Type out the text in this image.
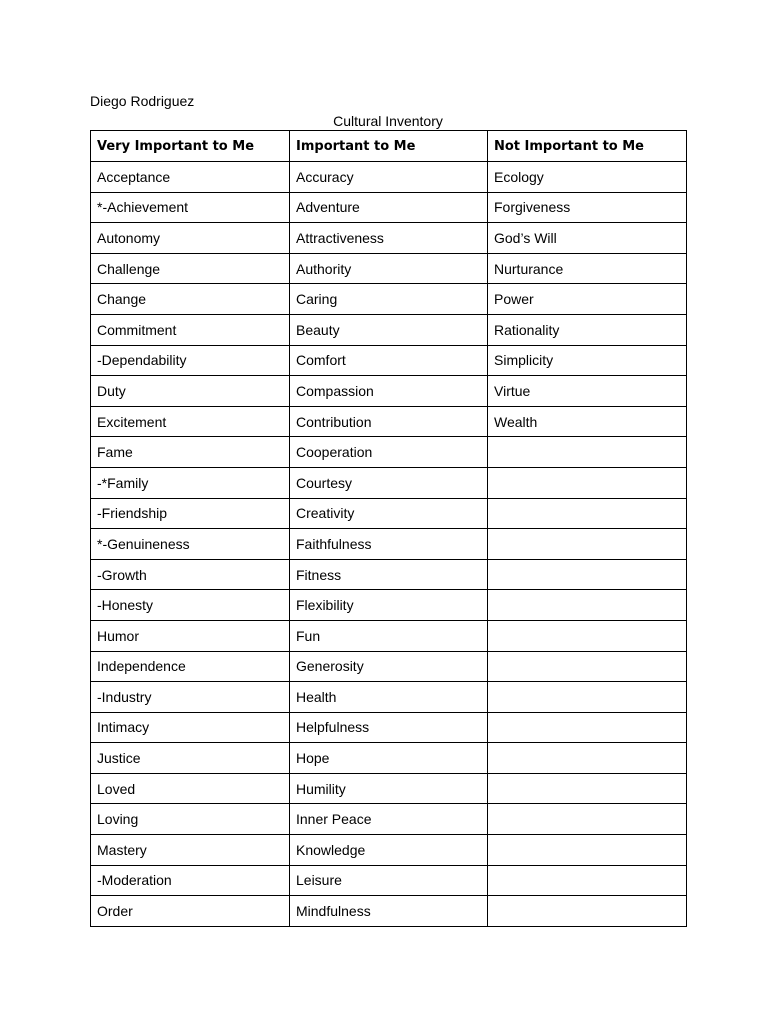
Diego Rodriguez
Cultural Inventory
Very Important to Me	Important to Me	Not Important to Me
Acceptance	Accuracy	Ecology
*-Achievement	Adventure	Forgiveness
Autonomy	Attractiveness	God’s Will
Challenge	Authority	Nurturance
Change	Caring	Power
Commitment	Beauty	Rationality
-Dependability	Comfort	Simplicity
Duty	Compassion	Virtue
Excitement	Contribution	Wealth
Fame	Cooperation	
-*Family	Courtesy	
-Friendship	Creativity	
*-Genuineness	Faithfulness	
-Growth	Fitness	
-Honesty	Flexibility	
Humor	Fun	
Independence	Generosity	
-Industry	Health	
Intimacy	Helpfulness	
Justice	Hope	
Loved	Humility	
Loving	Inner Peace	
Mastery	Knowledge	
-Moderation	Leisure	
Order	Mindfulness	
